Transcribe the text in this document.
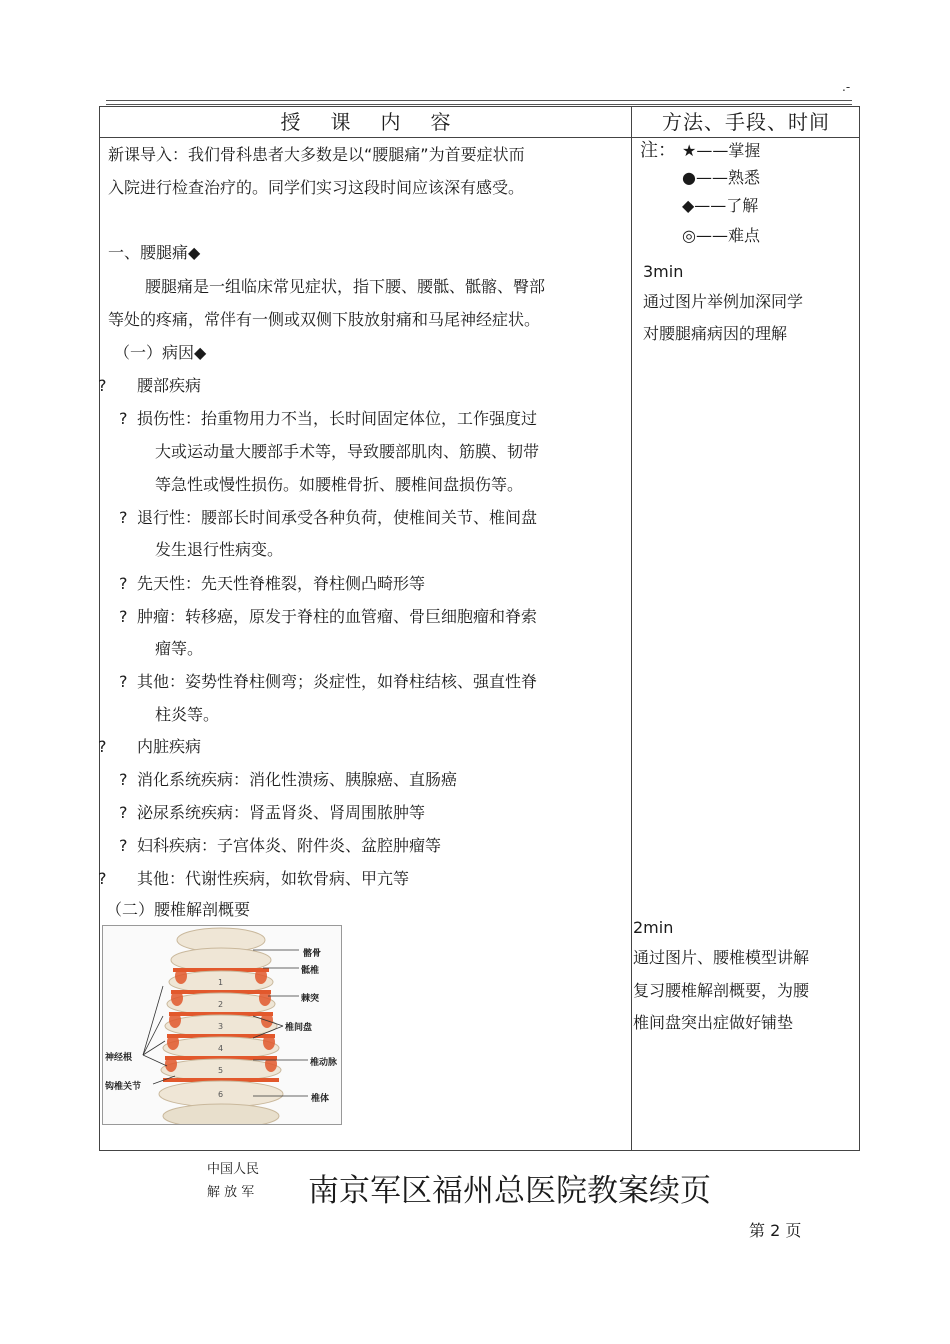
.-
授课内容	方法、手段、时间
新课导入：我们骨科患者大多数是以“腰腿痛”为首要症状而
入院进行检查治疗的。同学们实习这段时间应该深有感受。
一、腰腿痛◆
腰腿痛是一组临床常见症状，指下腰、腰骶、骶髂、臀部
等处的疼痛，常伴有一侧或双侧下肢放射痛和马尾神经症状。
（一）病因◆
? 腰部疾病
? 损伤性：抬重物用力不当，长时间固定体位，工作强度过
大或运动量大腰部手术等，导致腰部肌肉、筋膜、韧带
等急性或慢性损伤。如腰椎骨折、腰椎间盘损伤等。
? 退行性：腰部长时间承受各种负荷，使椎间关节、椎间盘
发生退行性病变。
? 先天性：先天性脊椎裂，脊柱侧凸畸形等
? 肿瘤：转移癌，原发于脊柱的血管瘤、骨巨细胞瘤和脊索
瘤等。
? 其他：姿势性脊柱侧弯；炎症性，如脊柱结核、强直性脊
柱炎等。
? 内脏疾病
? 消化系统疾病：消化性溃疡、胰腺癌、直肠癌
? 泌尿系统疾病：肾盂肾炎、肾周围脓肿等
? 妇科疾病：子宫体炎、附件炎、盆腔肿瘤等
? 其他：代谢性疾病，如软骨病、甲亢等
（二）腰椎解剖概要
1
2
3
4
5
6
髂骨
骶椎
棘突
椎间盘
神经根	椎动脉
钩椎关节
椎体
注： ★——掌握
●——熟悉
◆——了解
◎——难点
3min
通过图片举例加深同学
对腰腿痛病因的理解
2min
通过图片、腰椎模型讲解
复习腰椎解剖概要，为腰
椎间盘突出症做好铺垫
中国人民
解 放 军 南京军区福州总医院教案续页
第 2 页
